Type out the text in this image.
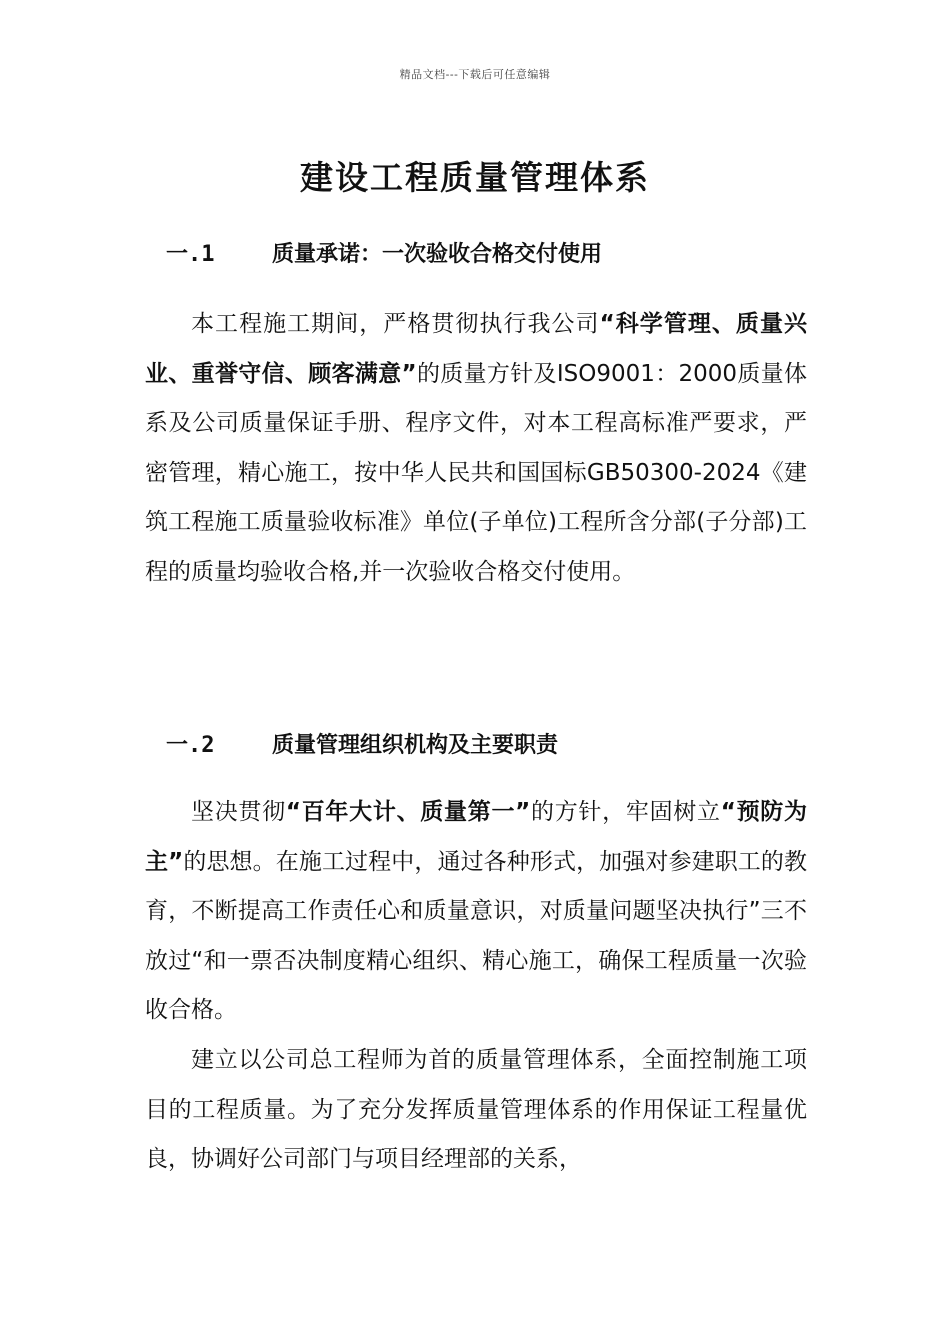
精品文档---下载后可任意编辑
建设工程质量管理体系
一.1	质量承诺：一次验收合格交付使用

本工程施工期间，严格贯彻执行我公司“科学管理、质量兴业、重誉守信、顾客满意”的质量方针及ISO9001：2000质量体系及公司质量保证手册、程序文件，对本工程高标准严要求，严密管理，精心施工，按中华人民共和国国标GB50300-2024《建筑工程施工质量验收标准》单位(子单位)工程所含分部(子分部)工程的质量均验收合格,并一次验收合格交付使用。

一.2	质量管理组织机构及主要职责

坚决贯彻“百年大计、质量第一”的方针，牢固树立“预防为主”的思想。在施工过程中，通过各种形式，加强对参建职工的教育，不断提高工作责任心和质量意识，对质量问题坚决执行”三不放过“和一票否决制度精心组织、精心施工，确保工程质量一次验收合格。

建立以公司总工程师为首的质量管理体系，全面控制施工项目的工程质量。为了充分发挥质量管理体系的作用保证工程量优良，协调好公司部门与项目经理部的关系，
